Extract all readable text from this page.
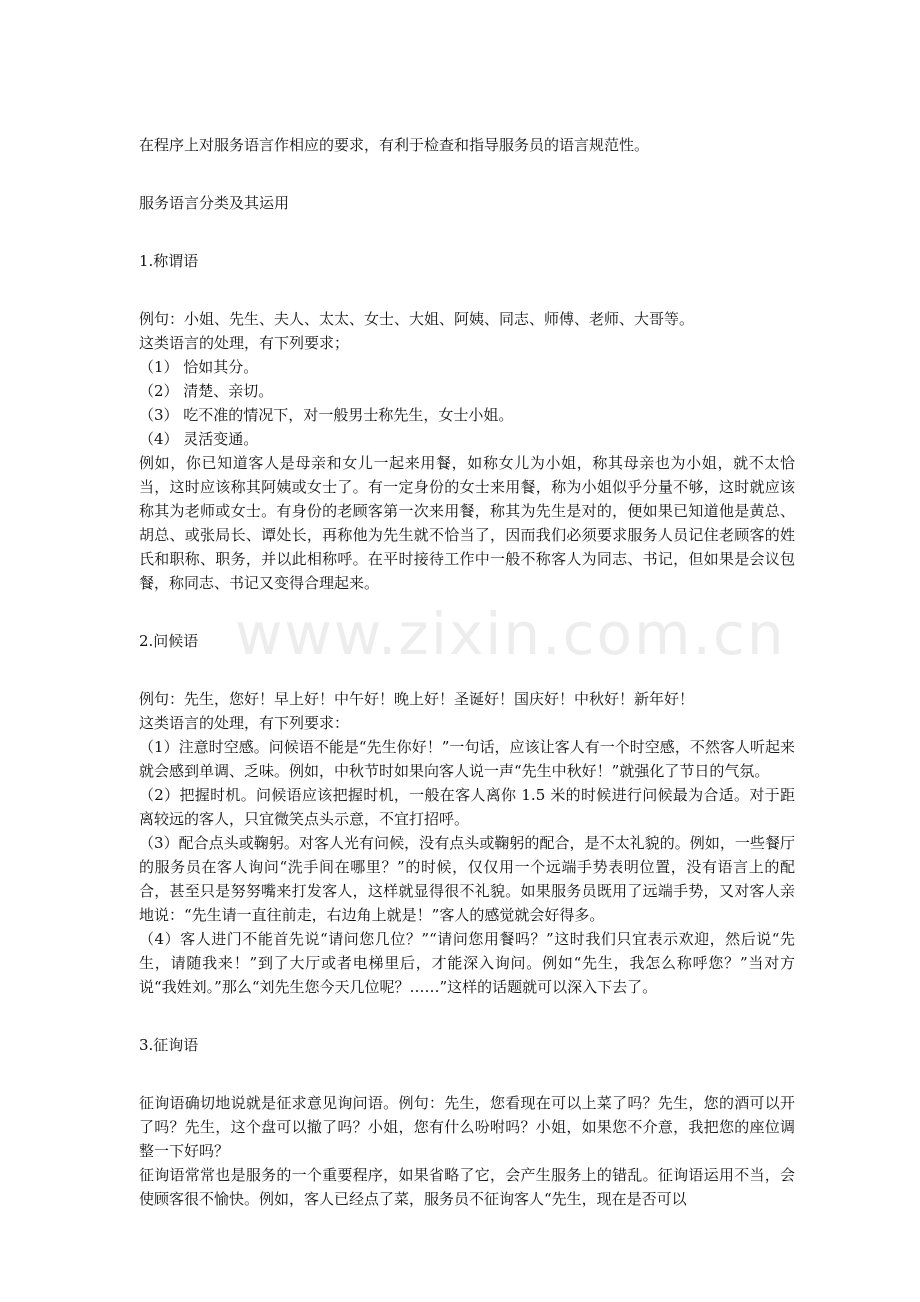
www.zixin.com.cn
在程序上对服务语言作相应的要求，有利于检查和指导服务员的语言规范性。
服务语言分类及其运用
1.称谓语
例句：小姐、先生、夫人、太太、女士、大姐、阿姨、同志、师傅、老师、大哥等。
这类语言的处理，有下列要求；
（1） 恰如其分。
（2） 清楚、亲切。
（3） 吃不准的情况下，对一般男士称先生，女士小姐。
（4） 灵活变通。

例如，你已知道客人是母亲和女儿一起来用餐，如称女儿为小姐，称其母亲也为小姐，就不太恰当，这时应该称其阿姨或女士了。有一定身份的女士来用餐，称为小姐似乎分量不够，这时就应该称其为老师或女士。有身份的老顾客第一次来用餐，称其为先生是对的，便如果已知道他是黄总、胡总、或张局长、谭处长，再称他为先生就不恰当了，因而我们必须要求服务人员记住老顾客的姓氏和职称、职务，并以此相称呼。在平时接待工作中一般不称客人为同志、书记，但如果是会议包餐，称同志、书记又变得合理起来。

2.问候语
例句：先生，您好！早上好！中午好！晚上好！圣诞好！国庆好！中秋好！新年好！
这类语言的处理，有下列要求：

（1）注意时空感。问候语不能是“先生你好！”一句话，应该让客人有一个时空感，不然客人听起来就会感到单调、乏味。例如，中秋节时如果向客人说一声“先生中秋好！”就强化了节日的气氛。

（2）把握时机。问候语应该把握时机，一般在客人离你 1.5 米的时候进行问候最为合适。对于距离较远的客人，只宜微笑点头示意，不宜打招呼。

（3）配合点头或鞠躬。对客人光有问候，没有点头或鞠躬的配合，是不太礼貌的。例如，一些餐厅的服务员在客人询问“洗手间在哪里？”的时候，仅仅用一个远端手势表明位置，没有语言上的配合，甚至只是努努嘴来打发客人，这样就显得很不礼貌。如果服务员既用了远端手势，又对客人亲地说：“先生请一直往前走，右边角上就是！”客人的感觉就会好得多。

（4）客人进门不能首先说“请问您几位？”“请问您用餐吗？”这时我们只宜表示欢迎，然后说“先生，请随我来！”到了大厅或者电梯里后，才能深入询问。例如“先生，我怎么称呼您？”当对方说“我姓刘。”那么“刘先生您今天几位呢？……”这样的话题就可以深入下去了。

3.征询语

征询语确切地说就是征求意见询问语。例句：先生，您看现在可以上菜了吗？先生，您的酒可以开了吗？先生，这个盘可以撤了吗？小姐，您有什么吩咐吗？小姐，如果您不介意，我把您的座位调整一下好吗？

征询语常常也是服务的一个重要程序，如果省略了它，会产生服务上的错乱。征询语运用不当，会使顾客很不愉快。例如，客人已经点了菜，服务员不征询客人“先生，现在是否可以
